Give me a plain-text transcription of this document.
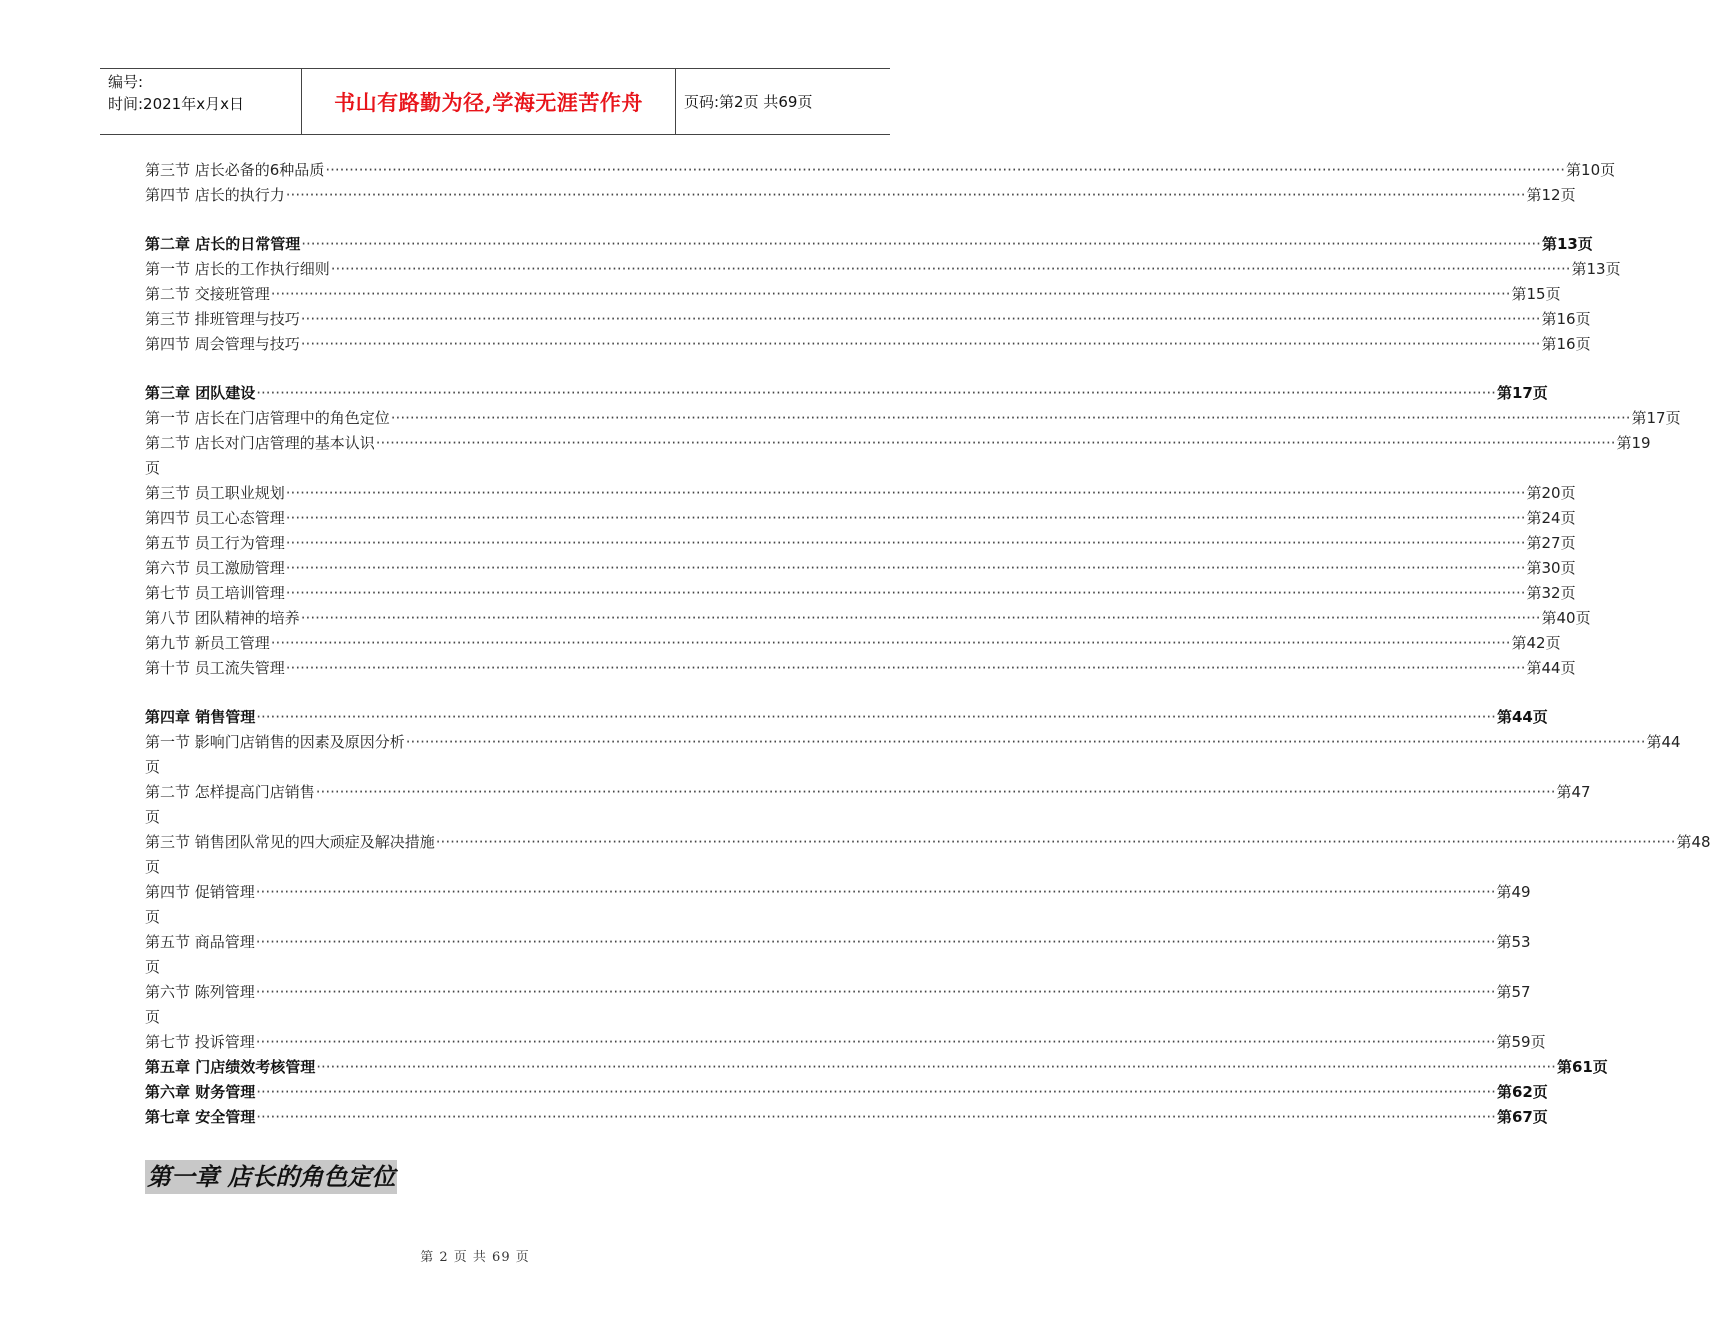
编号:
时间:2021年x月x日	书山有路勤为径,学海无涯苦作舟	页码:第2页 共69页
第三节 店长必备的6种品质 ···································································································································································································································································· 第10页
第四节 店长的执行力 ···································································································································································································································································· 第12页
第二章 店长的日常管理 ···································································································································································································································································· 第13页
第一节 店长的工作执行细则 ···································································································································································································································································· 第13页
第二节 交接班管理 ···································································································································································································································································· 第15页
第三节 排班管理与技巧 ···································································································································································································································································· 第16页
第四节 周会管理与技巧 ···································································································································································································································································· 第16页
第三章 团队建设 ···································································································································································································································································· 第17页
第一节 店长在门店管理中的角色定位 ···································································································································································································································································· 第17页
第二节 店长对门店管理的基本认识 ···································································································································································································································································· 第19
页
第三节 员工职业规划 ···································································································································································································································································· 第20页
第四节 员工心态管理 ···································································································································································································································································· 第24页
第五节 员工行为管理 ···································································································································································································································································· 第27页
第六节 员工激励管理 ···································································································································································································································································· 第30页
第七节 员工培训管理 ···································································································································································································································································· 第32页
第八节 团队精神的培养 ···································································································································································································································································· 第40页
第九节 新员工管理 ···································································································································································································································································· 第42页
第十节 员工流失管理 ···································································································································································································································································· 第44页
第四章 销售管理 ···································································································································································································································································· 第44页
第一节 影响门店销售的因素及原因分析 ···································································································································································································································································· 第44
页
第二节 怎样提高门店销售 ···································································································································································································································································· 第47
页
第三节 销售团队常见的四大顽症及解决措施 ···································································································································································································································································· 第48
页
第四节 促销管理 ···································································································································································································································································· 第49
页
第五节 商品管理 ···································································································································································································································································· 第53
页
第六节 陈列管理 ···································································································································································································································································· 第57
页
第七节 投诉管理 ···································································································································································································································································· 第59页
第五章 门店绩效考核管理 ···································································································································································································································································· 第61页
第六章 财务管理 ···································································································································································································································································· 第62页
第七章 安全管理 ···································································································································································································································································· 第67页
第一章 店长的角色定位
第 2 页 共 69 页
